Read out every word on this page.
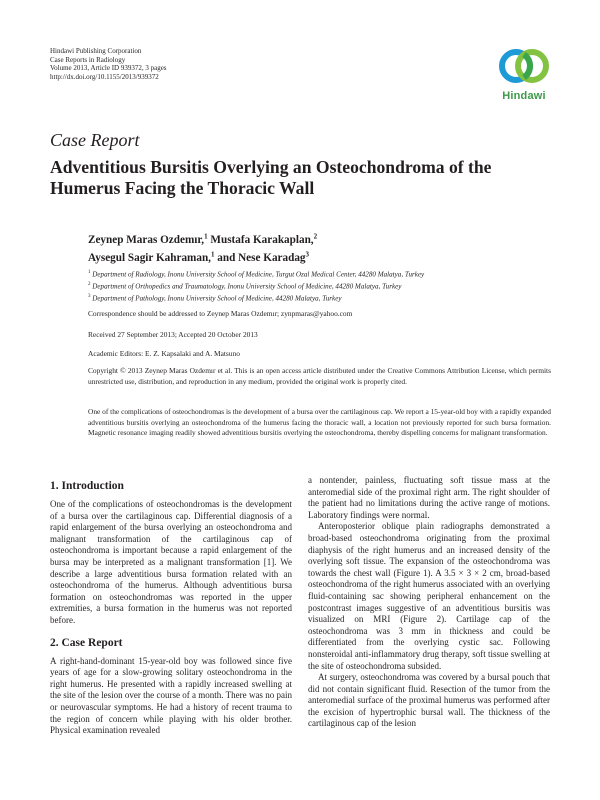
Hindawi Publishing Corporation
Case Reports in Radiology
Volume 2013, Article ID 939372, 3 pages
http://dx.doi.org/10.1155/2013/939372
Hindawi
Case Report
Adventitious Bursitis Overlying an Osteochondroma of the Humerus Facing the Thoracic Wall
Zeynep Maras Ozdemır,$^1$ Mustafa Karakaplan,$^2$
Aysegul Sagir Kahraman,$^1$ and Nese Karadag$^3$
$^1$ Department of Radiology, Inonu University School of Medicine, Turgut Ozal Medical Center, 44280 Malatya, Turkey
$^2$ Department of Orthopedics and Traumatology, Inonu University School of Medicine, 44280 Malatya, Turkey
$^3$ Department of Pathology, Inonu University School of Medicine, 44280 Malatya, Turkey
Correspondence should be addressed to Zeynep Maras Ozdemır; zynpmaras@yahoo.com
Received 27 September 2013; Accepted 20 October 2013
Academic Editors: E. Z. Kapsalaki and A. Matsuno
Copyright © 2013 Zeynep Maras Ozdemır et al. This is an open access article distributed under the Creative Commons Attribution License, which permits unrestricted use, distribution, and reproduction in any medium, provided the original work is properly cited.
One of the complications of osteochondromas is the development of a bursa over the cartilaginous cap. We report a 15-year-old boy with a rapidly expanded adventitious bursitis overlying an osteochondroma of the humerus facing the thoracic wall, a location not previously reported for such bursa formation. Magnetic resonance imaging readily showed adventitious bursitis overlying the osteochondroma, thereby dispelling concerns for malignant transformation.
1. Introduction

One of the complications of osteochondromas is the development of a bursa over the cartilaginous cap. Differential diagnosis of a rapid enlargement of the bursa overlying an osteochondroma and malignant transformation of the cartilaginous cap of osteochondroma is important because a rapid enlargement of the bursa may be interpreted as a malignant transformation [1]. We describe a large adventitious bursa formation related with an osteochondroma of the humerus. Although adventitious bursa formation on osteochondromas was reported in the upper extremities, a bursa formation in the humerus was not reported before.

2. Case Report

A right-hand-dominant 15-year-old boy was followed since five years of age for a slow-growing solitary osteochondroma in the right humerus. He presented with a rapidly increased swelling at the site of the lesion over the course of a month. There was no pain or neurovascular symptoms. He had a history of recent trauma to the region of concern while playing with his older brother. Physical examination revealed

a nontender, painless, fluctuating soft tissue mass at the anteromedial side of the proximal right arm. The right shoulder of the patient had no limitations during the active range of motions. Laboratory findings were normal.

Anteroposterior oblique plain radiographs demonstrated a broad-based osteochondroma originating from the proximal diaphysis of the right humerus and an increased density of the overlying soft tissue. The expansion of the osteochondroma was towards the chest wall (Figure 1). A 3.5 × 3 × 2 cm, broad-based osteochondroma of the right humerus associated with an overlying fluid-containing sac showing peripheral enhancement on the postcontrast images suggestive of an adventitious bursitis was visualized on MRI (Figure 2). Cartilage cap of the osteochondroma was 3 mm in thickness and could be differentiated from the overlying cystic sac. Following nonsteroidal anti-inflammatory drug therapy, soft tissue swelling at the site of osteochondroma subsided.

At surgery, osteochondroma was covered by a bursal pouch that did not contain significant fluid. Resection of the tumor from the anteromedial surface of the proximal humerus was performed after the excision of hypertrophic bursal wall. The thickness of the cartilaginous cap of the lesion
